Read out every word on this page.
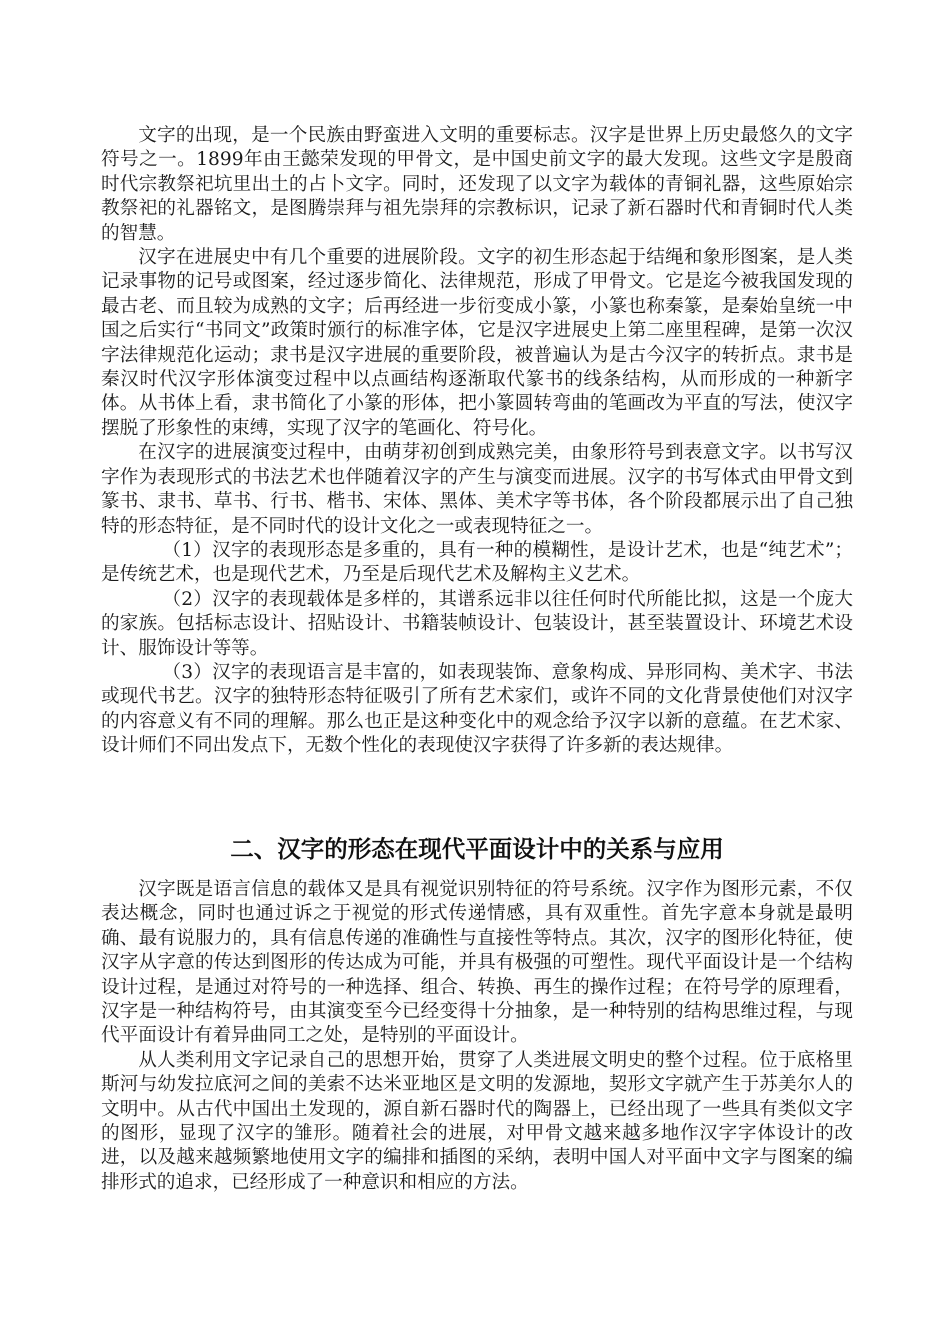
文字的出现，是一个民族由野蛮进入文明的重要标志。汉字是世界上历史最悠久的文字符号之一。1899年由王懿荣发现的甲骨文，是中国史前文字的最大发现。这些文字是殷商时代宗教祭祀坑里出土的占卜文字。同时，还发现了以文字为载体的青铜礼器，这些原始宗教祭祀的礼器铭文，是图腾崇拜与祖先崇拜的宗教标识，记录了新石器时代和青铜时代人类的智慧。

汉字在进展史中有几个重要的进展阶段。文字的初生形态起于结绳和象形图案，是人类记录事物的记号或图案，经过逐步简化、法律规范，形成了甲骨文。它是迄今被我国发现的最古老、而且较为成熟的文字；后再经进一步衍变成小篆，小篆也称秦篆，是秦始皇统一中国之后实行“书同文”政策时颁行的标准字体，它是汉字进展史上第二座里程碑，是第一次汉字法律规范化运动；隶书是汉字进展的重要阶段，被普遍认为是古今汉字的转折点。隶书是秦汉时代汉字形体演变过程中以点画结构逐渐取代篆书的线条结构，从而形成的一种新字体。从书体上看，隶书简化了小篆的形体，把小篆圆转弯曲的笔画改为平直的写法，使汉字摆脱了形象性的束缚，实现了汉字的笔画化、符号化。

在汉字的进展演变过程中，由萌芽初创到成熟完美，由象形符号到表意文字。以书写汉字作为表现形式的书法艺术也伴随着汉字的产生与演变而进展。汉字的书写体式由甲骨文到篆书、隶书、草书、行书、楷书、宋体、黑体、美术字等书体，各个阶段都展示出了自己独特的形态特征，是不同时代的设计文化之一或表现特征之一。

（1）汉字的表现形态是多重的，具有一种的模糊性，是设计艺术，也是“纯艺术”；是传统艺术，也是现代艺术，乃至是后现代艺术及解构主义艺术。

（2）汉字的表现载体是多样的，其谱系远非以往任何时代所能比拟，这是一个庞大的家族。包括标志设计、招贴设计、书籍装帧设计、包装设计，甚至装置设计、环境艺术设计、服饰设计等等。

（3）汉字的表现语言是丰富的，如表现装饰、意象构成、异形同构、美术字、书法或现代书艺。汉字的独特形态特征吸引了所有艺术家们，或许不同的文化背景使他们对汉字的内容意义有不同的理解。那么也正是这种变化中的观念给予汉字以新的意蕴。在艺术家、设计师们不同出发点下，无数个性化的表现使汉字获得了许多新的表达规律。

二、汉字的形态在现代平面设计中的关系与应用

汉字既是语言信息的载体又是具有视觉识别特征的符号系统。汉字作为图形元素，不仅表达概念，同时也通过诉之于视觉的形式传递情感，具有双重性。首先字意本身就是最明确、最有说服力的，具有信息传递的准确性与直接性等特点。其次，汉字的图形化特征，使汉字从字意的传达到图形的传达成为可能，并具有极强的可塑性。现代平面设计是一个结构设计过程，是通过对符号的一种选择、组合、转换、再生的操作过程；在符号学的原理看，汉字是一种结构符号，由其演变至今已经变得十分抽象，是一种特别的结构思维过程，与现代平面设计有着异曲同工之处，是特别的平面设计。

从人类利用文字记录自己的思想开始，贯穿了人类进展文明史的整个过程。位于底格里斯河与幼发拉底河之间的美索不达米亚地区是文明的发源地，契形文字就产生于苏美尔人的文明中。从古代中国出土发现的，源自新石器时代的陶器上，已经出现了一些具有类似文字的图形，显现了汉字的雏形。随着社会的进展，对甲骨文越来越多地作汉字字体设计的改进，以及越来越频繁地使用文字的编排和插图的采纳，表明中国人对平面中文字与图案的编排形式的追求，已经形成了一种意识和相应的方法。
